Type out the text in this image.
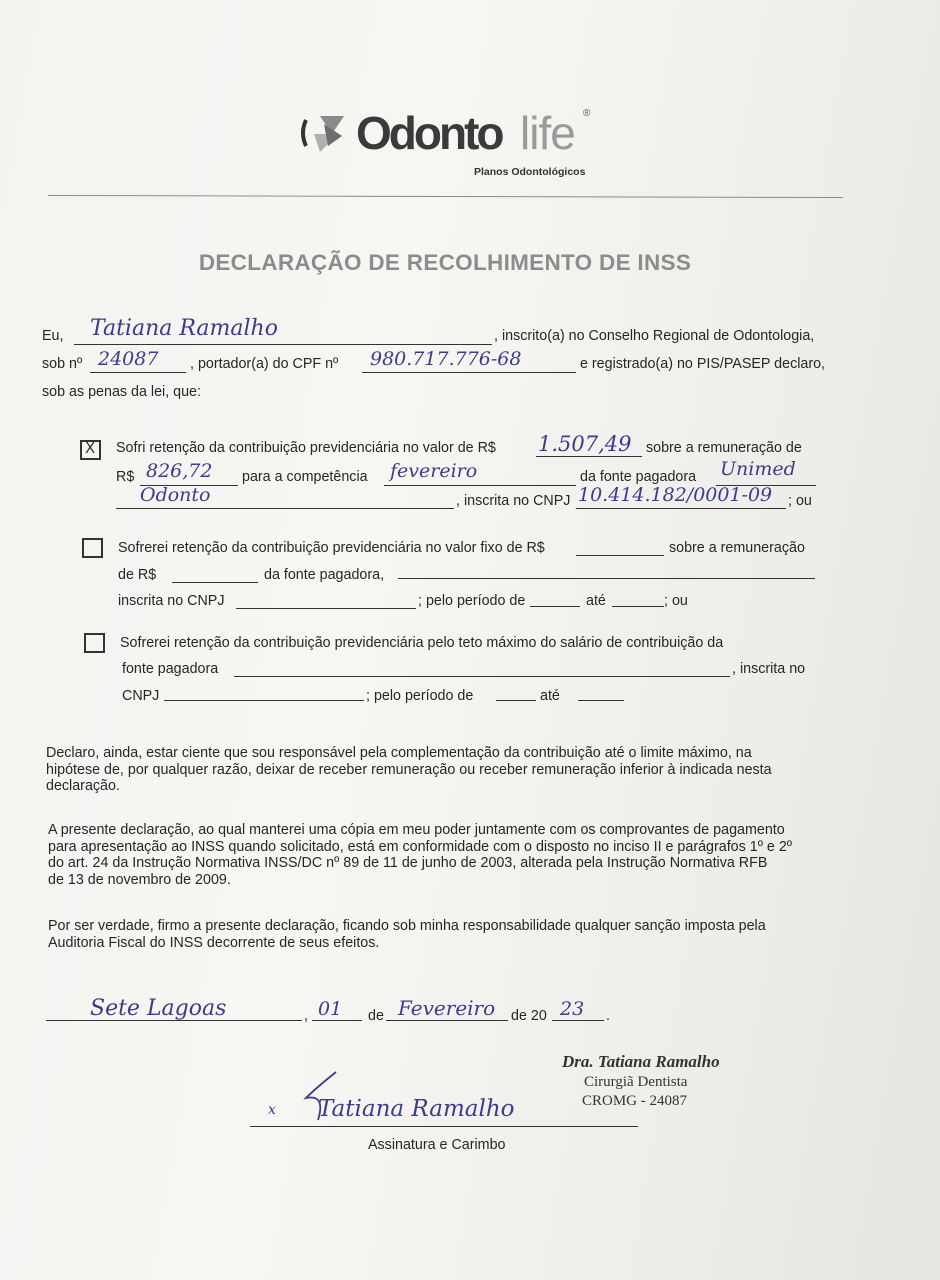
Odonto life ®
Planos Odontológicos
DECLARAÇÃO DE RECOLHIMENTO DE INSS
Eu, Tatiana Ramalho	, inscrito(a) no Conselho Regional de Odontologia,
sob nº 24087 , portador(a) do CPF nº 980.717.776-68	e registrado(a) no PIS/PASEP declaro,
sob as penas da lei, que:
X Sofri retenção da contribuição previdenciária no valor de R$ 1.507,49 sobre a remuneração de
R$ 826,72 para a competência fevereiro	da fonte pagadora Unimed
Odonto	, inscrita no CNPJ 10.414.182/0001-09 ; ou
Sofrerei retenção da contribuição previdenciária no valor fixo de R$	sobre a remuneração
de R$	da fonte pagadora,
inscrita no CNPJ	; pelo período de	até	; ou
Sofrerei retenção da contribuição previdenciária pelo teto máximo do salário de contribuição da
fonte pagadora	, inscrita no
CNPJ	; pelo período de	até
Declaro, ainda, estar ciente que sou responsável pela complementação da contribuição até o limite máximo, na
hipótese de, por qualquer razão, deixar de receber remuneração ou receber remuneração inferior à indicada nesta
declaração.
A presente declaração, ao qual manterei uma cópia em meu poder juntamente com os comprovantes de pagamento
para apresentação ao INSS quando solicitado, está em conformidade com o disposto no inciso II e parágrafos 1º e 2º
do art. 24 da Instrução Normativa INSS/DC nº 89 de 11 de junho de 2003, alterada pela Instrução Normativa RFB
de 13 de novembro de 2009.
Por ser verdade, firmo a presente declaração, ficando sob minha responsabilidade qualquer sanção imposta pela
Auditoria Fiscal do INSS decorrente de seus efeitos.
Sete Lagoas	, 01 de Fevereiro de 20 23 .
Dra. Tatiana Ramalho
Cirurgiã Dentista
CROMG - 24087
x Tatiana Ramalho
Assinatura e Carimbo
